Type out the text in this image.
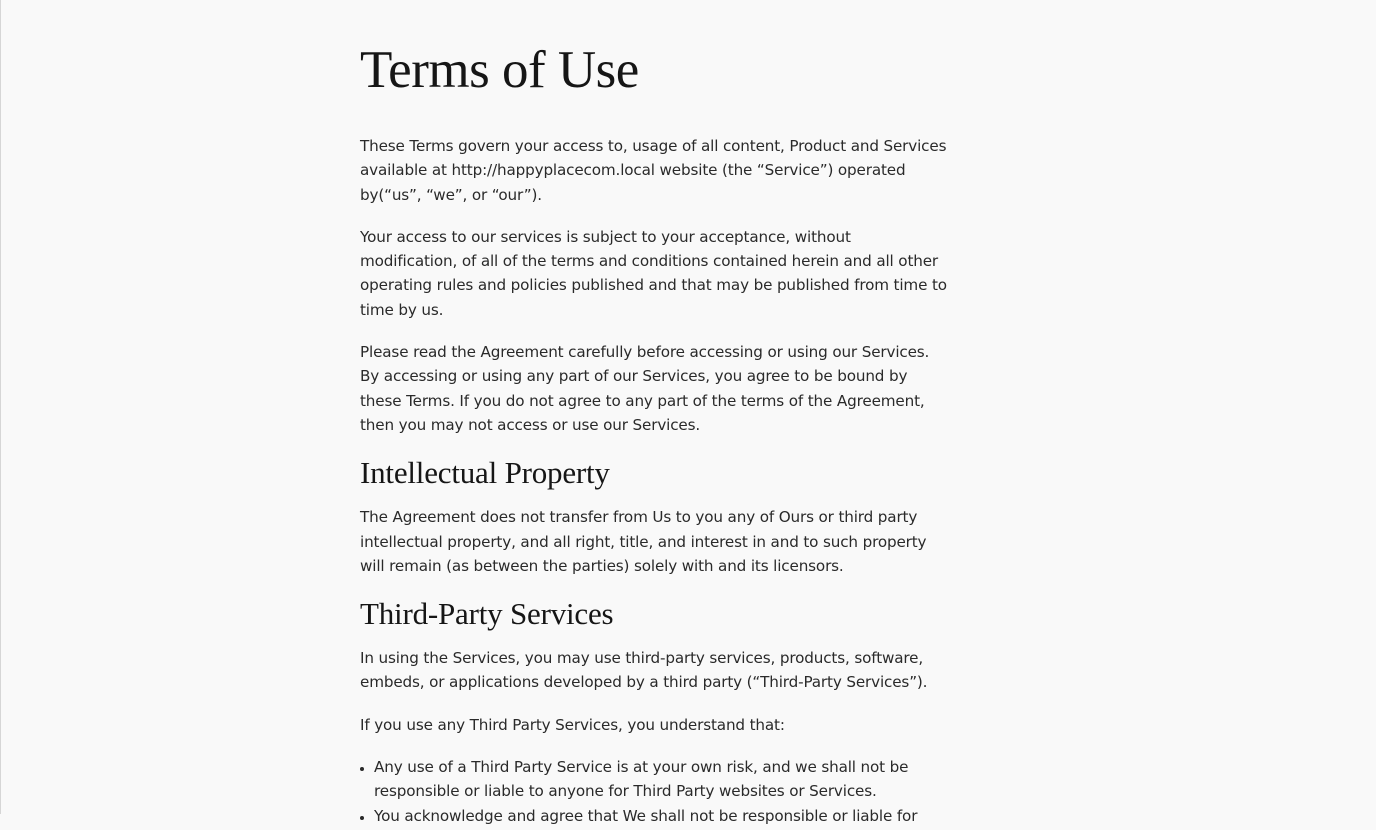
Terms of Use

These Terms govern your access to, usage of all content, Product and Services available at http://happyplacecom.local website (the “Service”) operated by(“us”, “we”, or “our”).

Your access to our services is subject to your acceptance, without modification, of all of the terms and conditions contained herein and all other operating rules and policies published and that may be published from time to time by us.

Please read the Agreement carefully before accessing or using our Services. By accessing or using any part of our Services, you agree to be bound by these Terms. If you do not agree to any part of the terms of the Agreement, then you may not access or use our Services.

Intellectual Property

The Agreement does not transfer from Us to you any of Ours or third party intellectual property, and all right, title, and interest in and to such property will remain (as between the parties) solely with and its licensors.

Third-Party Services

In using the Services, you may use third-party services, products, software, embeds, or applications developed by a third party (“Third-Party Services”).

If you use any Third Party Services, you understand that:

• Any use of a Third Party Service is at your own risk, and we shall not be responsible or liable to anyone for Third Party websites or Services.
• You acknowledge and agree that We shall not be responsible or liable for
